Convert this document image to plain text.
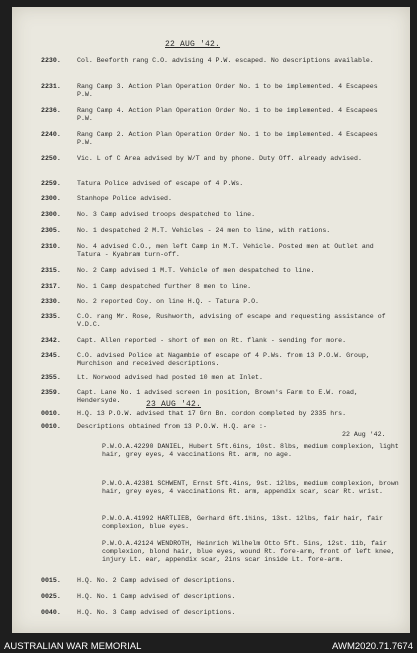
22 AUG '42.
23 AUG '42.
2230.	Col. Beeforth rang C.O. advising 4 P.W. escaped. No descriptions available.
2231.	Rang Camp 3. Action Plan Operation Order No. 1 to be implemented. 4 Escapees P.W.
2236.	Rang Camp 4. Action Plan Operation Order No. 1 to be implemented. 4 Escapees P.W.
2240.	Rang Camp 2. Action Plan Operation Order No. 1 to be implemented. 4 Escapees P.W.
2250.	Vic. L of C Area advised by W/T and by phone. Duty Off. already advised.
2259.	Tatura Police advised of escape of 4 P.Ws.
2300.	Stanhope Police advised.
2300.	No. 3 Camp advised troops despatched to line.
2305.	No. 1 despatched 2 M.T. Vehicles - 24 men to line, with rations.
2310.	No. 4 advised C.O., men left Camp in M.T. Vehicle. Posted men at Outlet and Tatura - Kyabram turn-off.
2315.	No. 2 Camp advised 1 M.T. Vehicle of men despatched to line.
2317.	No. 1 Camp despatched further 8 men to line.
2330.	No. 2 reported Coy. on line H.Q. - Tatura P.O.
2335.	C.O. rang Mr. Rose, Rushworth, advising of escape and requesting assistance of V.D.C.
2342.	Capt. Allen reported - short of men on Rt. flank - sending for more.
2345.	C.O. advised Police at Nagambie of escape of 4 P.Ws. from 13 P.O.W. Group, Murchison and received descriptions.
2355.	Lt. Norwood advised had posted 10 men at Inlet.
2359.	Capt. Lane No. 1 advised screen in position, Brown's Farm to E.W. road, Hendersyde.
0010.	H.Q. 13 P.O.W. advised that 17 Grn Bn. cordon completed by 2335 hrs.
0010.	Descriptions obtained from 13 P.O.W. H.Q. are :-
22 Aug '42.
P.W.O.A.42290 DANIEL, Hubert 5ft.6ins, 10st. 8lbs, medium complexion, light hair, grey eyes, 4 vaccinations Rt. arm, no age.
P.W.O.A.42381 SCHWENT, Ernst 5ft.4ins, 9st. 12lbs, medium complexion, brown hair, grey eyes, 4 vaccinations Rt. arm, appendix scar, scar Rt. wrist.
P.W.O.A.41992 HARTLIEB, Gerhard 6ft.1½ins, 13st. 12lbs, fair hair, fair complexion, blue eyes.
P.W.O.A.42124 WENDROTH, Heinrich Wilhelm Otto 5ft. 5ins, 12st. 11b, fair complexion, blond hair, blue eyes, wound Rt. fore-arm, front of left knee, injury Lt. ear, appendix scar, 2ins scar inside Lt. fore-arm.
0015.	H.Q. No. 2 Camp advised of descriptions.
0025.	H.Q. No. 1 Camp advised of descriptions.
0040.	H.Q. No. 3 Camp advised of descriptions.
AUSTRALIAN WAR MEMORIAL	AWM2020.71.7674
